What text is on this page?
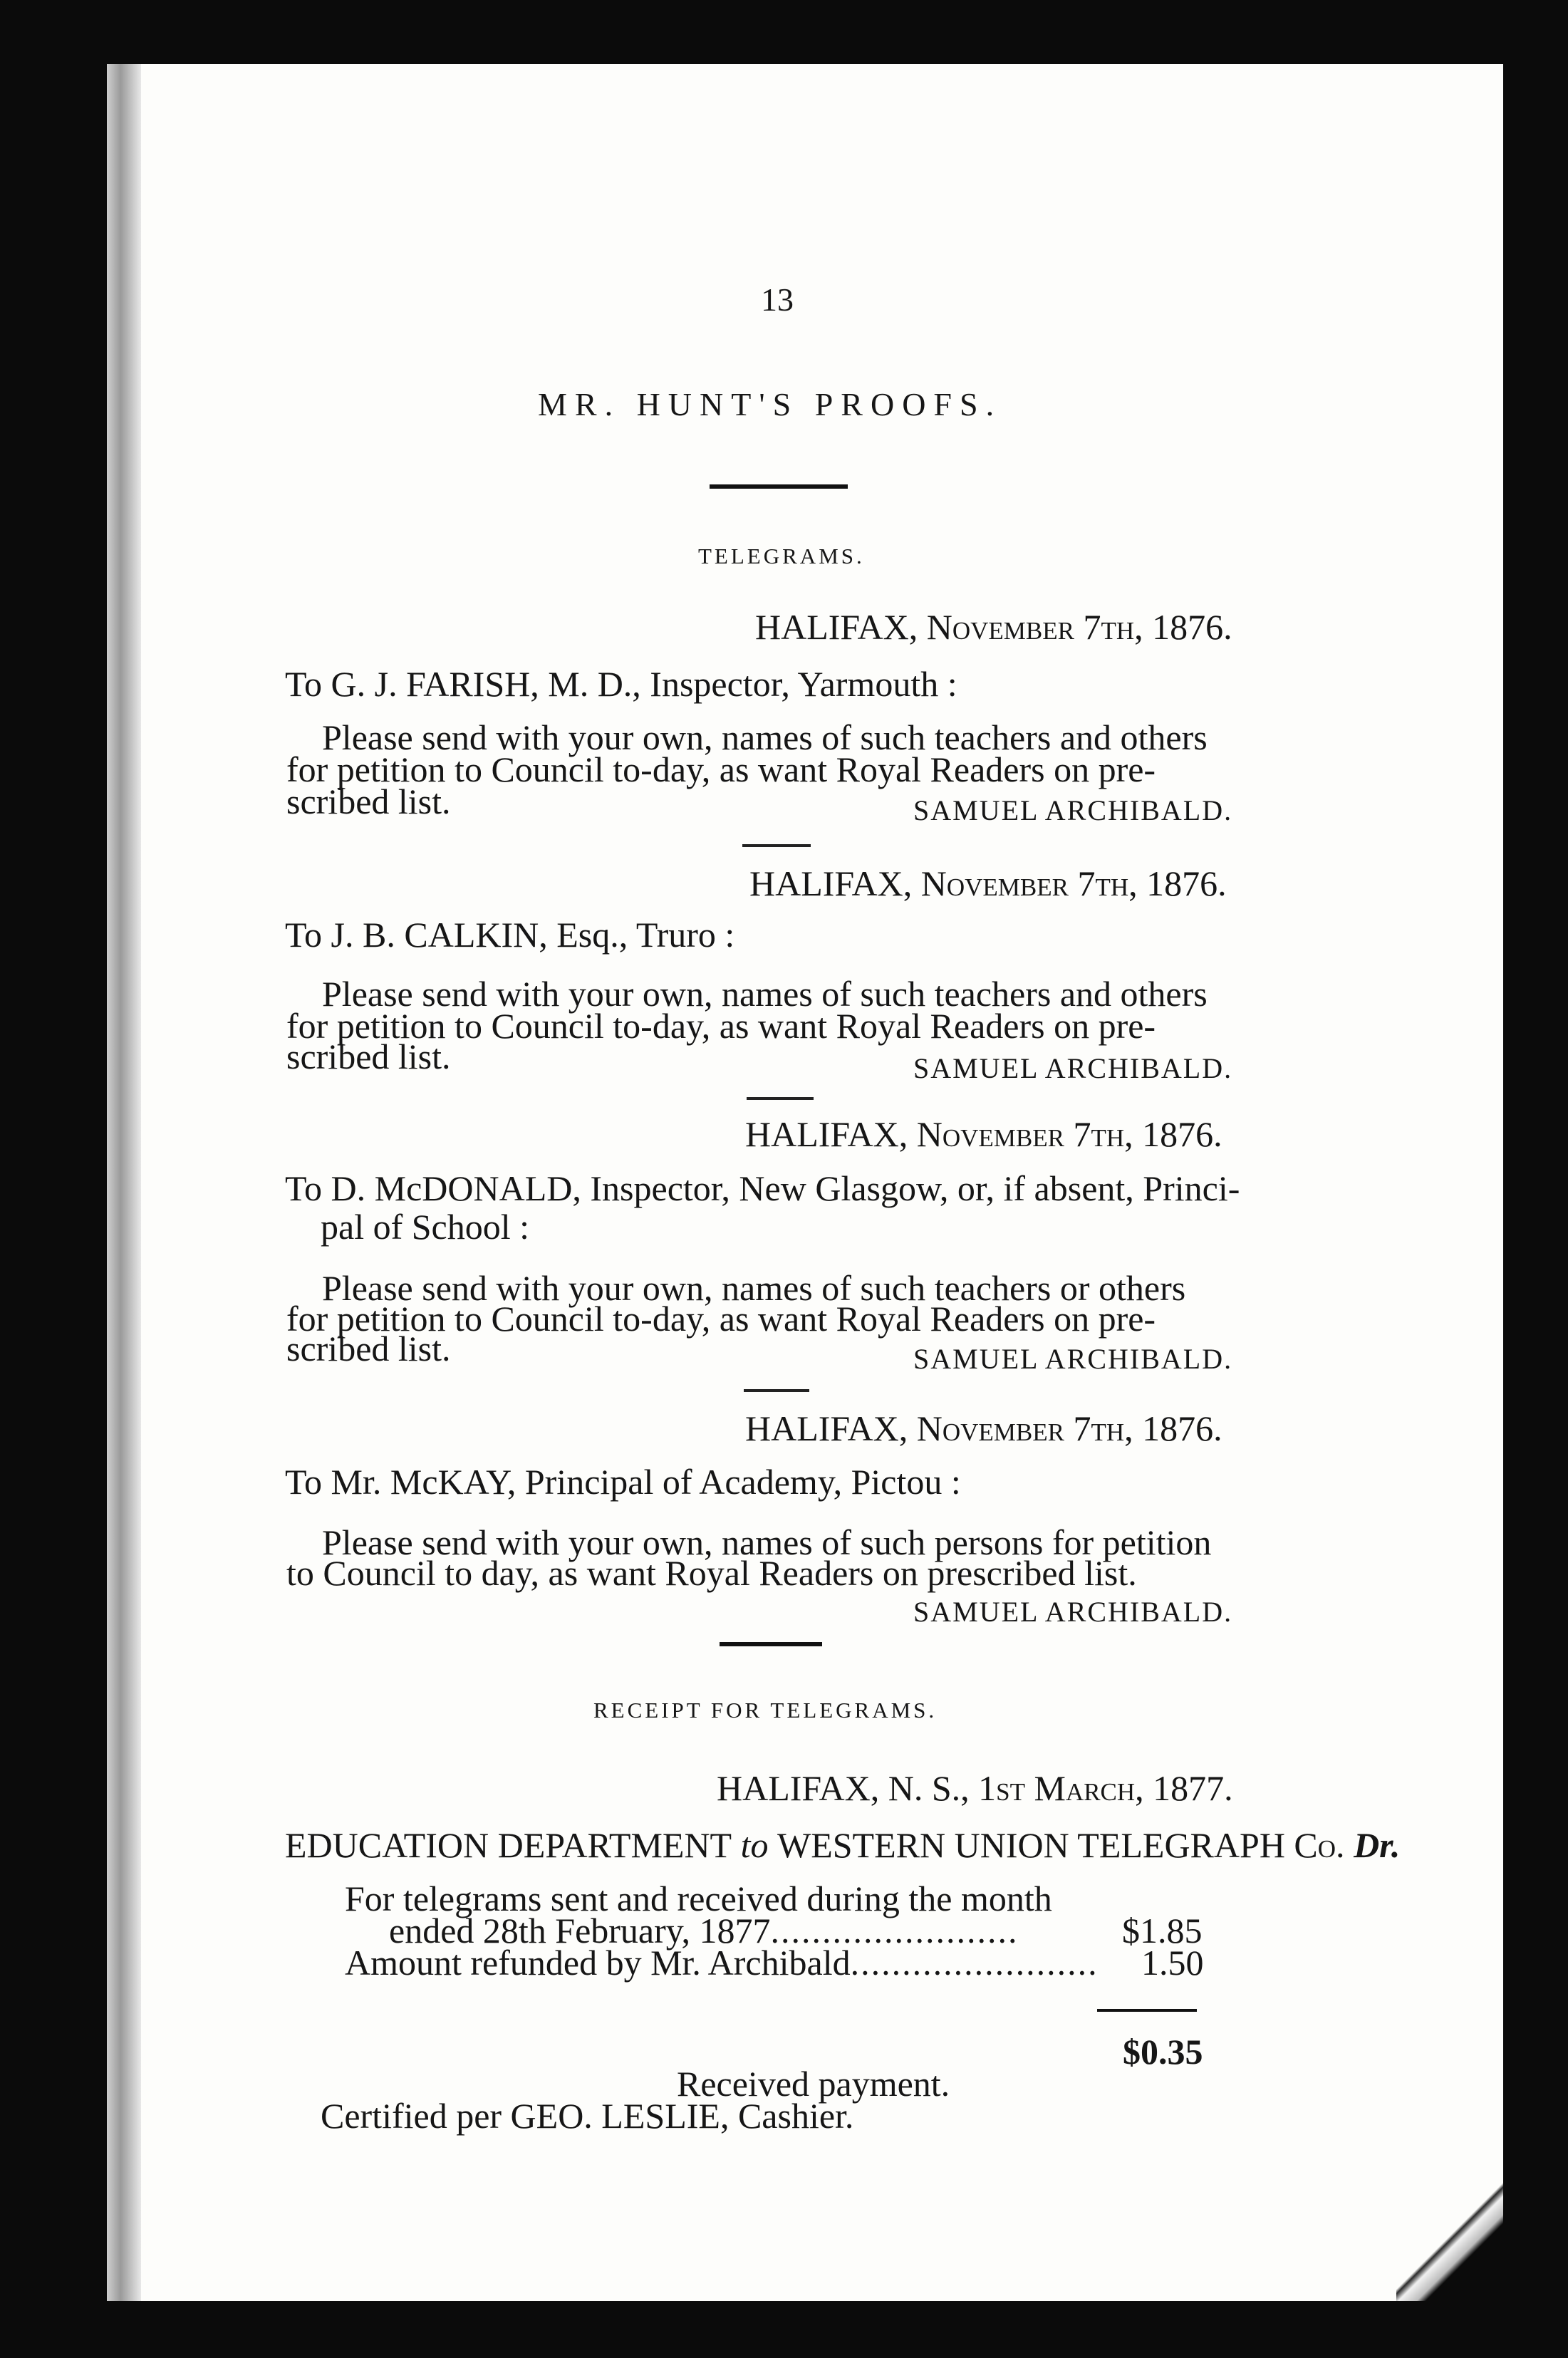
13
MR. HUNT'S PROOFS.
TELEGRAMS.
HALIFAX, November 7th, 1876.
To G. J. FARISH, M. D., Inspector, Yarmouth :
Please send with your own, names of such teachers and others
for petition to Council to-day, as want Royal Readers on pre-
scribed list.	SAMUEL ARCHIBALD.
HALIFAX, November 7th, 1876.
To J. B. CALKIN, Esq., Truro :
Please send with your own, names of such teachers and others
for petition to Council to-day, as want Royal Readers on pre-
scribed list.	SAMUEL ARCHIBALD.
HALIFAX, November 7th, 1876.
To D. McDONALD, Inspector, New Glasgow, or, if absent, Princi-
pal of School :
Please send with your own, names of such teachers or others
for petition to Council to-day, as want Royal Readers on pre-
scribed list.	SAMUEL ARCHIBALD.
HALIFAX, November 7th, 1876.
To Mr. McKAY, Principal of Academy, Pictou :
Please send with your own, names of such persons for petition
to Council to day, as want Royal Readers on prescribed list.
SAMUEL ARCHIBALD.
RECEIPT FOR TELEGRAMS.
HALIFAX, N. S., 1st March, 1877.
EDUCATION DEPARTMENT to WESTERN UNION TELEGRAPH Co. Dr.
For telegrams sent and received during the month
ended 28th February, 1877........................	$1.85
Amount refunded by Mr. Archibald........................ 1.50
$0.35
Received payment.
Certified per GEO. LESLIE, Cashier.
